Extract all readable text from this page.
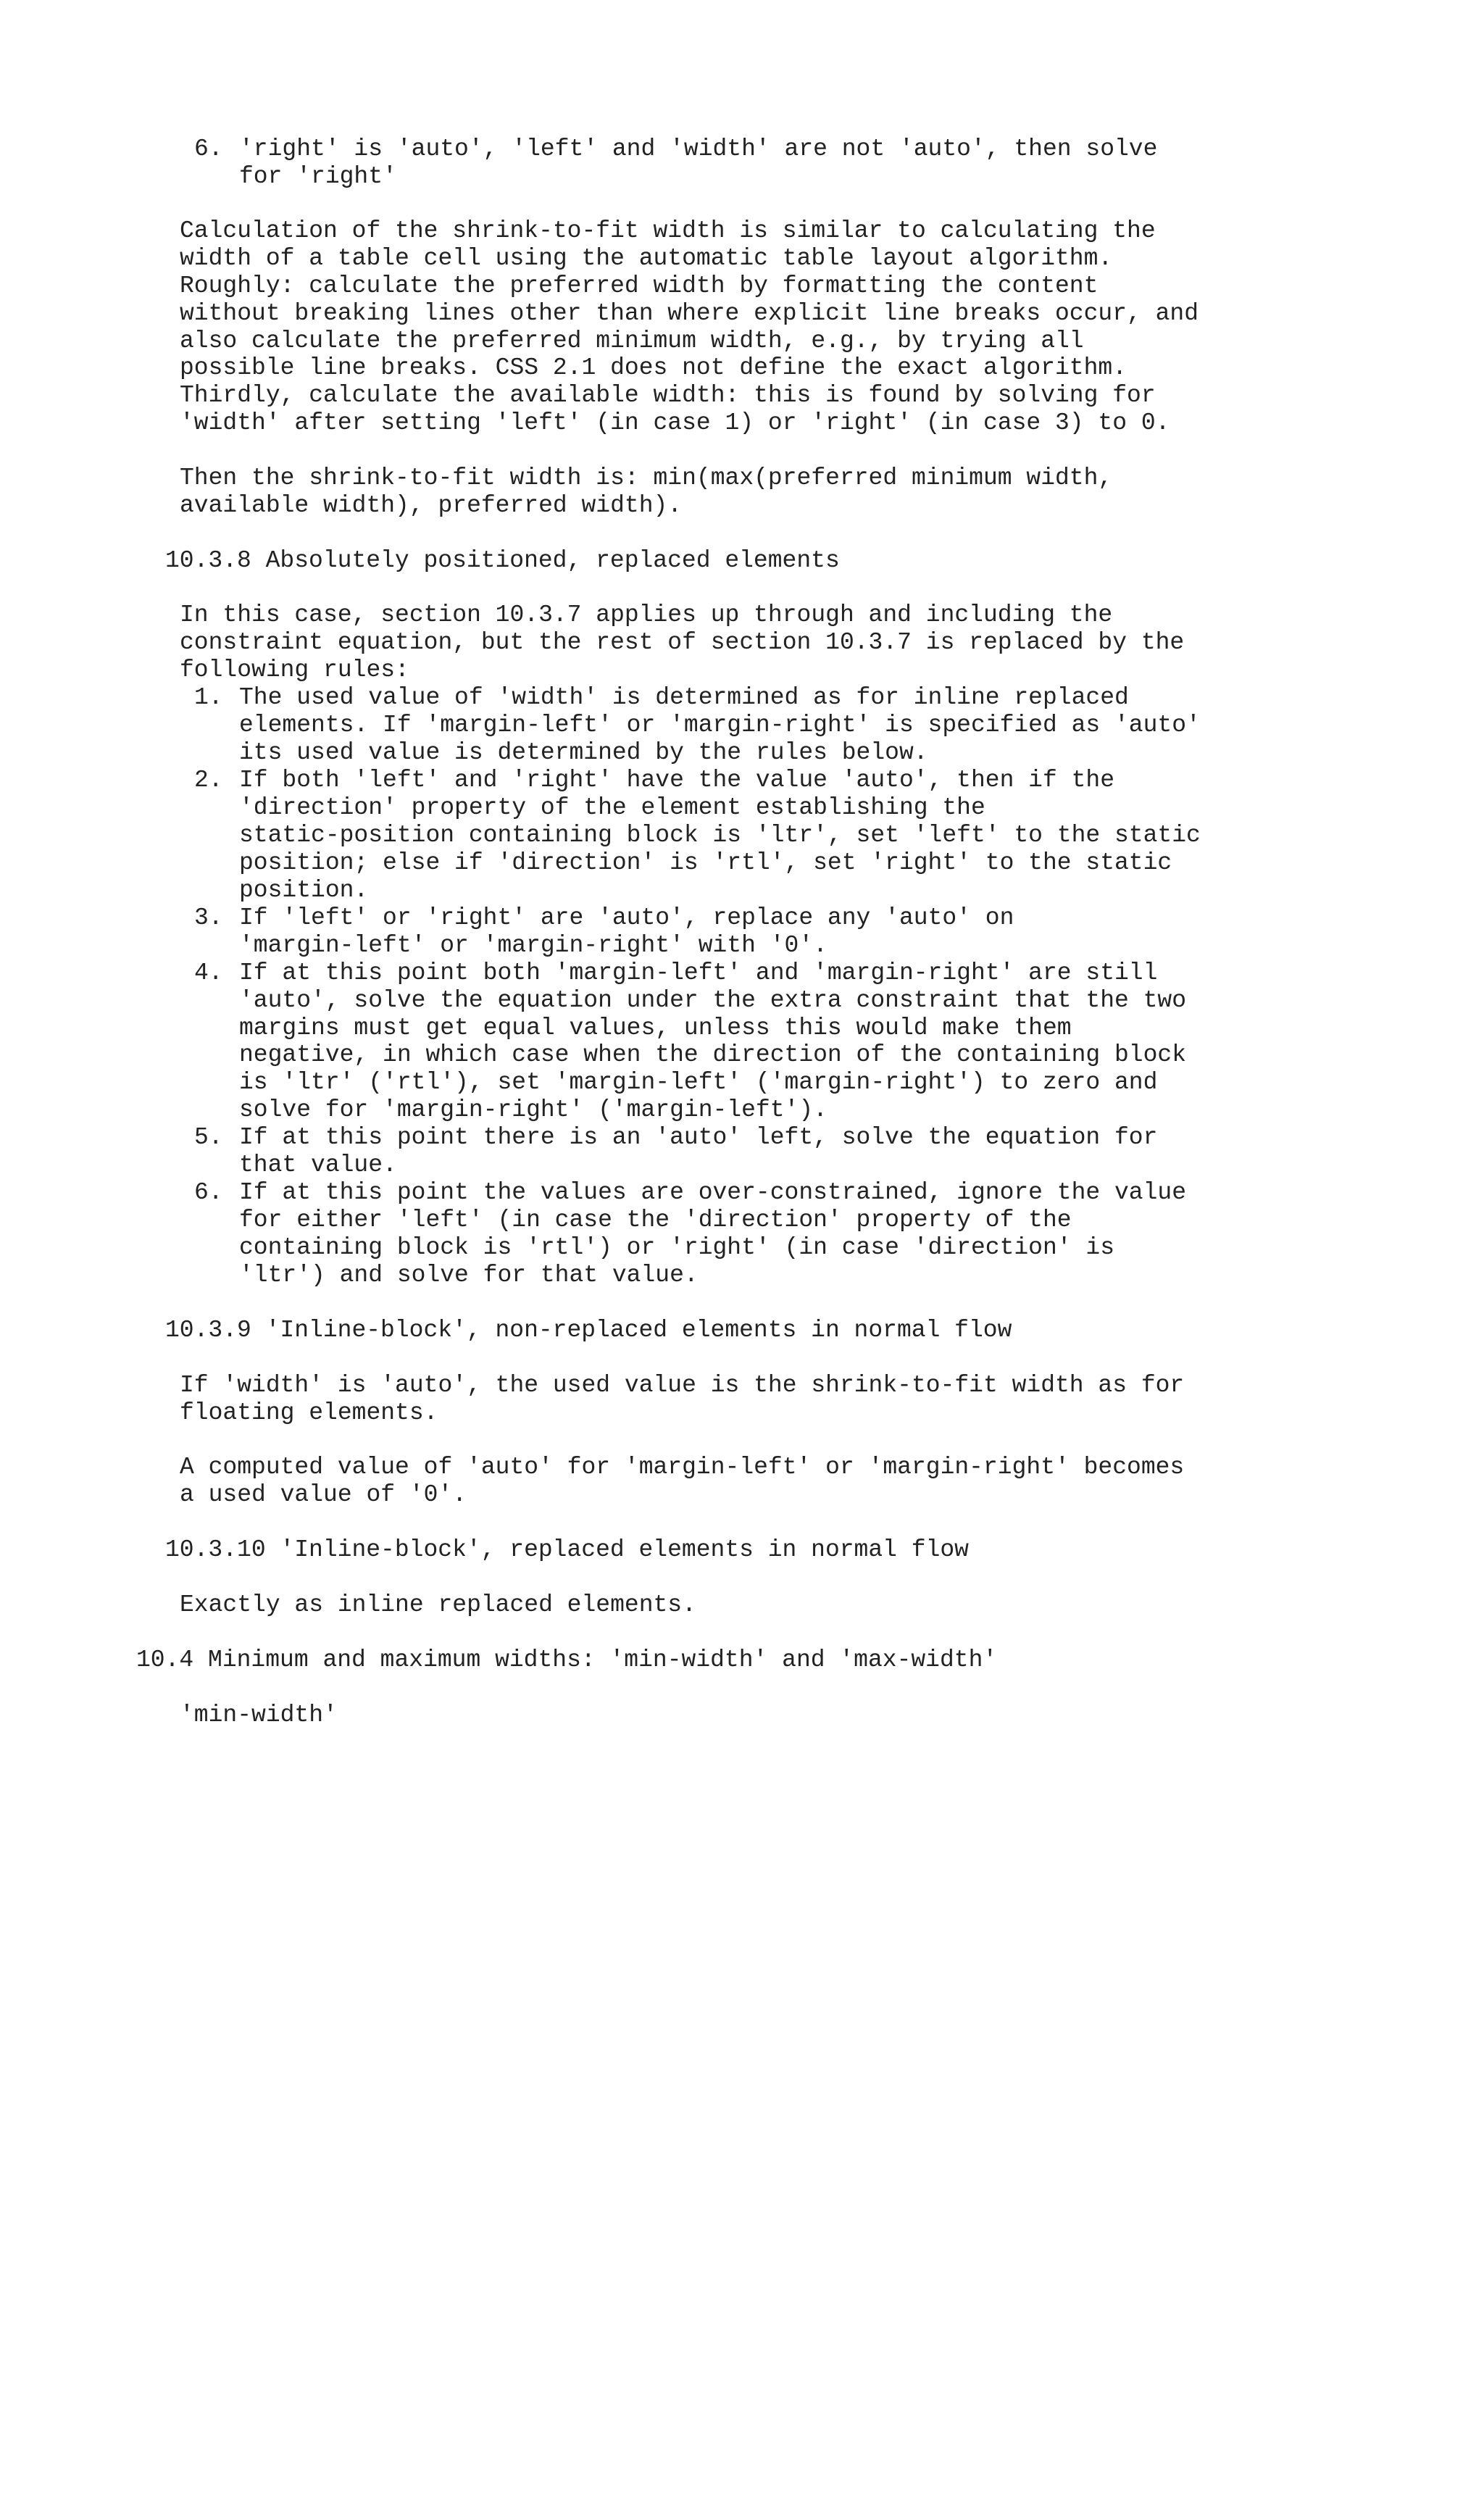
6.

'right' is 'auto', 'left' and 'width' are not 'auto', then solve

for 'right'

Calculation of the shrink-to-fit width is similar to calculating the

width of a table cell using the automatic table layout algorithm.

Roughly: calculate the preferred width by formatting the content

without breaking lines other than where explicit line breaks occur, and

also calculate the preferred minimum width, e.g., by trying all

possible line breaks. CSS 2.1 does not define the exact algorithm.

Thirdly, calculate the available width: this is found by solving for

'width' after setting 'left' (in case 1) or 'right' (in case 3) to 0.

Then the shrink-to-fit width is: min(max(preferred minimum width,

available width), preferred width).

10.3.8 Absolutely positioned, replaced elements

In this case, section 10.3.7 applies up through and including the

constraint equation, but the rest of section 10.3.7 is replaced by the

following rules:

1.

The used value of 'width' is determined as for inline replaced

elements. If 'margin-left' or 'margin-right' is specified as 'auto'

its used value is determined by the rules below.

2.

If both 'left' and 'right' have the value 'auto', then if the

'direction' property of the element establishing the

static-position containing block is 'ltr', set 'left' to the static

position; else if 'direction' is 'rtl', set 'right' to the static

position.

3.

If 'left' or 'right' are 'auto', replace any 'auto' on

'margin-left' or 'margin-right' with '0'.

4.

If at this point both 'margin-left' and 'margin-right' are still

'auto', solve the equation under the extra constraint that the two

margins must get equal values, unless this would make them

negative, in which case when the direction of the containing block

is 'ltr' ('rtl'), set 'margin-left' ('margin-right') to zero and

solve for 'margin-right' ('margin-left').

5.

If at this point there is an 'auto' left, solve the equation for

that value.

6.

If at this point the values are over-constrained, ignore the value

for either 'left' (in case the 'direction' property of the

containing block is 'rtl') or 'right' (in case 'direction' is

'ltr') and solve for that value.

10.3.9 'Inline-block', non-replaced elements in normal flow

If 'width' is 'auto', the used value is the shrink-to-fit width as for

floating elements.

A computed value of 'auto' for 'margin-left' or 'margin-right' becomes

a used value of '0'.

10.3.10 'Inline-block', replaced elements in normal flow

Exactly as inline replaced elements.

10.4 Minimum and maximum widths: 'min-width' and 'max-width'

'min-width'
